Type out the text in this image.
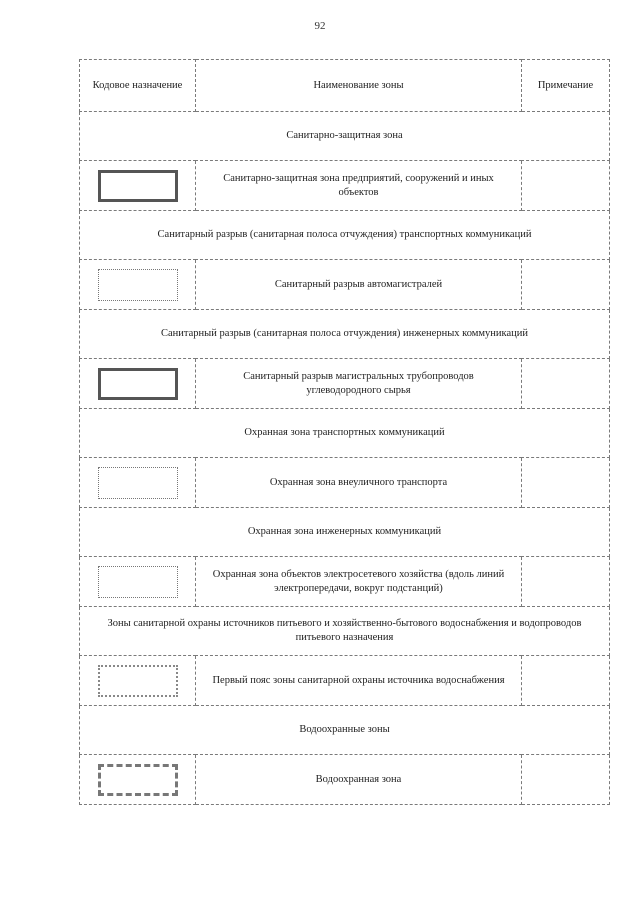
92
Кодовое назначение	Наименование зоны	Примечание
Санитарно-защитная зона		

	Санитарно-защитная зона предприятий, сооружений и иных объектов	
Санитарный разрыв (санитарная полоса отчуждения) транспортных коммуникаций		

	Санитарный разрыв автомагистралей	
Санитарный разрыв (санитарная полоса отчуждения) инженерных коммуникаций		

	Санитарный разрыв магистральных трубопроводов углеводородного сырья	
Охранная зона транспортных коммуникаций		

	Охранная зона внеуличного транспорта	
Охранная зона инженерных коммуникаций		

	Охранная зона объектов электросетевого хозяйства (вдоль линий электропередачи, вокруг подстанций)	
Зоны санитарной охраны источников питьевого и хозяйственно-бытового водоснабжения и водопроводов питьевого назначения		

	Первый пояс зоны санитарной охраны источника водоснабжения	
Водоохранные зоны		

	Водоохранная зона	
